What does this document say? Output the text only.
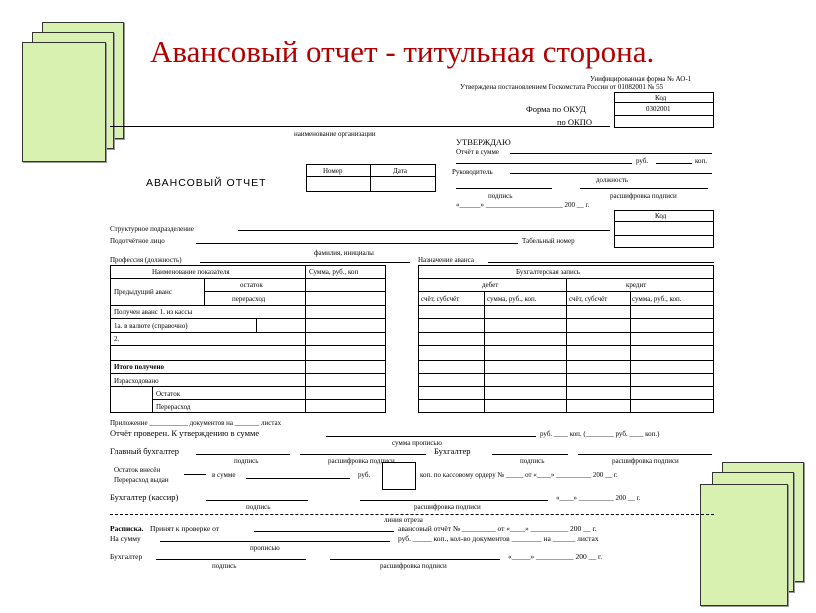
Авансовый отчет - титульная сторона.
Унифицированная форма № АО-1
Утверждена постановлением Госкомстата России от 01082001 № 55
Код
Форма по ОКУД	0302001
по ОКПО
наименование организации
УТВЕРЖДАЮ
Отчёт в сумме
руб.	коп.
Руководитель
должность
подпись	расшифровка подписи
«______» ______________________ 200 __ г.
Номер	Дата
АВАНСОВЫЙ ОТЧЕТ
Код
Структурное подразделение
Подотчётное лицо	Табельный номер
фамилия, инициалы
Профессия (должность)	Назначение аванса
Наименование показателя	Сумма, руб., коп
Предыдущий аванс
остаток
перерасход
Получен аванс 1. из кассы
1а. в валюте (справочно)
2.
Итого получено
Израсходовано
Остаток
Перерасход
Бухгалтерская запись
дебет	кредит
счёт, субсчёт	сумма, руб., коп.	счёт, субсчёт	сумма, руб., коп.
Приложение ___________ документов на _______ листах
Отчёт проверен. К утверждению в сумме	руб. ____ коп. (________ руб. ____ коп.)
сумма прописью
Главный бухгалтер	Бухгалтер
подпись	расшифровка подписи	подпись	расшифровка подписи
Остаток внесён
Перерасход выдан
в сумме	руб.	коп. по кассовому ордеру № _____ от «____» __________ 200 __ г.
Бухгалтер (кассир)	«____» __________ 200 __ г.
подпись	расшифровка подписи
линия отреза
Расписка. Принят к проверке от	авансовый отчёт № _________ от «____» __________ 200 __ г.
На сумму	руб. _____ коп., кол-во документов ________ на ______ листах
прописью
Бухгалтер	«_____» __________ 200 __ г.
подпись	расшифровка подписи
